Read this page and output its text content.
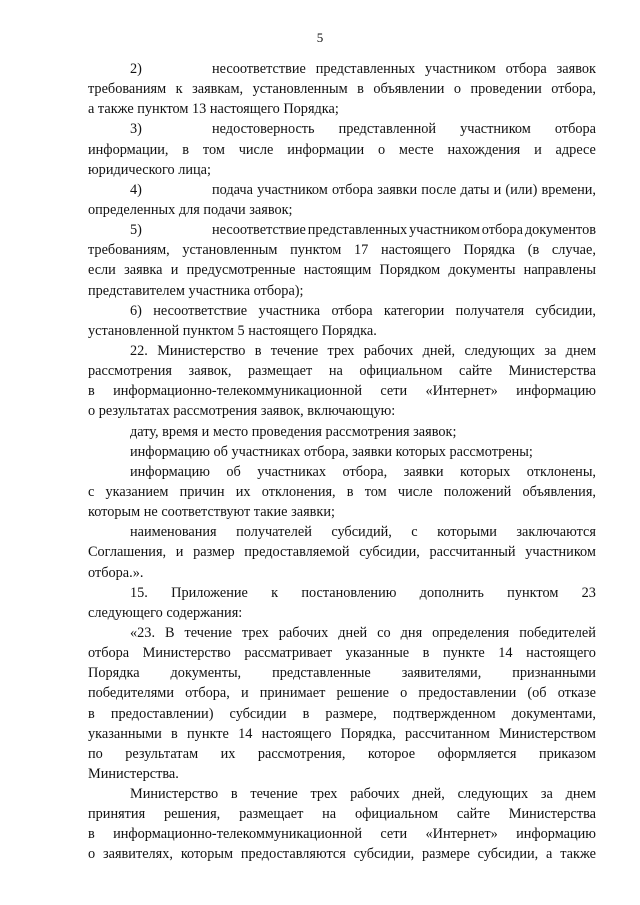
5
2)	несоответствие представленных участником отбора заявок
требованиям к заявкам, установленным в объявлении о проведении отбора,
а также пунктом 13 настоящего Порядка;
3)	недостоверность представленной участником отбора
информации, в том числе информации о месте нахождения и адресе
юридического лица;
4)	подача участником отбора заявки после даты и (или) времени,
определенных для подачи заявок;
5)	несоответствие представленных участником отбора документов
требованиям, установленным пунктом 17 настоящего Порядка (в случае,
если заявка и предусмотренные настоящим Порядком документы направлены
представителем участника отбора);
6) несоответствие участника отбора категории получателя субсидии,
установленной пунктом 5 настоящего Порядка.
22. Министерство в течение трех рабочих дней, следующих за днем
рассмотрения заявок, размещает на официальном сайте Министерства
в информационно-телекоммуникационной сети «Интернет» информацию
о результатах рассмотрения заявок, включающую:
дату, время и место проведения рассмотрения заявок;
информацию об участниках отбора, заявки которых рассмотрены;
информацию об участниках отбора, заявки которых отклонены,
с указанием причин их отклонения, в том числе положений объявления,
которым не соответствуют такие заявки;
наименования получателей субсидий, с которыми заключаются
Соглашения, и размер предоставляемой субсидии, рассчитанный участником
отбора.».
15. Приложение к постановлению дополнить пунктом 23
следующего содержания:
«23. В течение трех рабочих дней со дня определения победителей
отбора Министерство рассматривает указанные в пункте 14 настоящего
Порядка документы, представленные заявителями, признанными
победителями отбора, и принимает решение о предоставлении (об отказе
в предоставлении) субсидии в размере, подтвержденном документами,
указанными в пункте 14 настоящего Порядка, рассчитанном Министерством
по результатам их рассмотрения, которое оформляется приказом
Министерства.
Министерство в течение трех рабочих дней, следующих за днем
принятия решения, размещает на официальном сайте Министерства
в информационно-телекоммуникационной сети «Интернет» информацию
о заявителях, которым предоставляются субсидии, размере субсидии, а также
